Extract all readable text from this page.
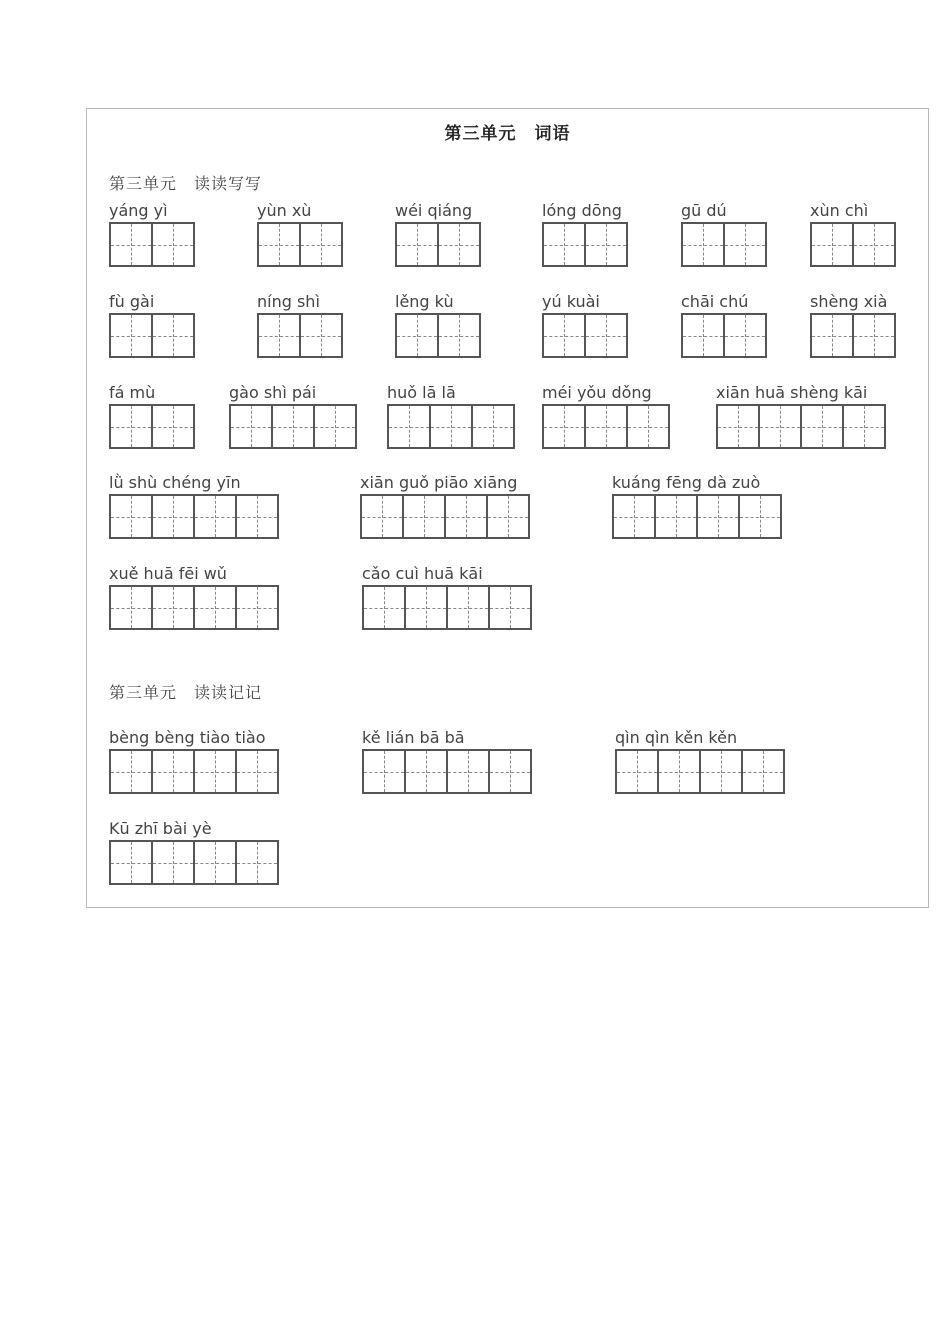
第三单元　词语
第三单元　读读写写
第三单元　读读记记
yáng yì	yùn xù	wéi qiáng	lóng dōng	gū dú	xùn chì
fù gài	níng shì	lěng kù	yú kuài	chāi chú	shèng xià
fá mù	gào shì pái	huǒ lā lā	méi yǒu dǒng	xiān huā shèng kāi
lǜ shù chéng yīn	xiān guǒ piāo xiāng	kuáng fēng dà zuò
xuě huā fēi wǔ	cǎo cuì huā kāi
bèng bèng tiào tiào	kě lián bā bā	qìn qìn kěn kěn
Kū zhī bài yè
